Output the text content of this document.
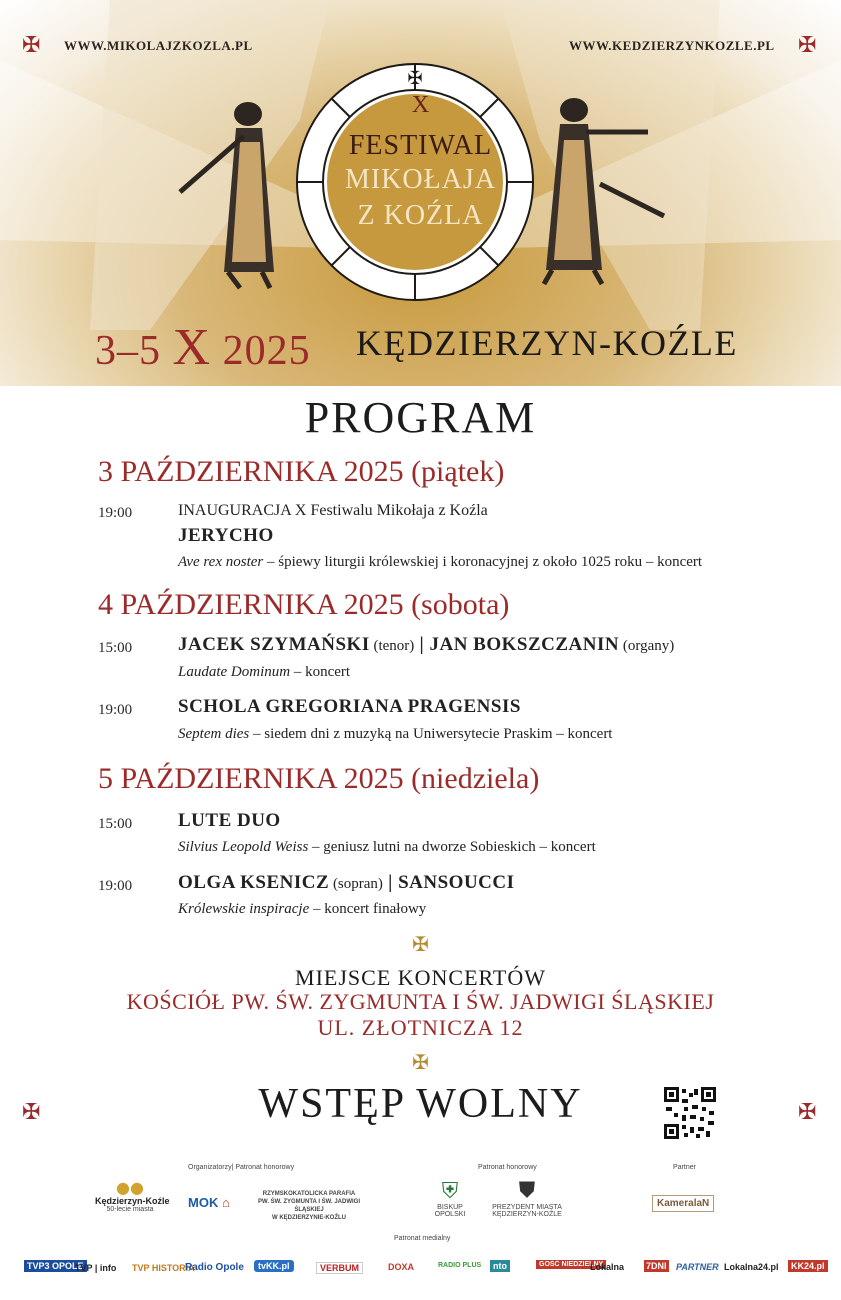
✠
X
FESTIWAL
MIKOŁAJA
Z KOŹLA
✠ WWW.MIKOLAJZKOZLA.PL	WWW.KEDZIERZYNKOZLE.PL ✠
3–5 X 2025 KĘDZIERZYN-KOŹLE
PROGRAM
3 PAŹDZIERNIKA 2025 (piątek)
19:00	INAUGURACJA X Festiwalu Mikołaja z Koźla
JERYCHO
Ave rex noster – śpiewy liturgii królewskiej i koronacyjnej z około 1025 roku – koncert
4 PAŹDZIERNIKA 2025 (sobota)
15:00 JACEK SZYMAŃSKI (tenor) | JAN BOKSZCZANIN (organy)
Laudate Dominum – koncert
19:00 SCHOLA GREGORIANA PRAGENSIS
Septem dies – siedem dni z muzyką na Uniwersytecie Praskim – koncert
5 PAŹDZIERNIKA 2025 (niedziela)
15:00 LUTE DUO
Silvius Leopold Weiss – geniusz lutni na dworze Sobieskich – koncert
19:00 OLGA KSENICZ (sopran) | SANSOUCCI
Królewskie inspiracje – koncert finałowy
✠
MIEJSCE KONCERTÓW
KOŚCIÓŁ PW. ŚW. ZYGMUNTA I ŚW. JADWIGI ŚLĄSKIEJ
UL. ZŁOTNICZA 12
✠
✠	WSTĘP WOLNY	✠
Organizatorzy| Patronat honorowy	Patronat honorowy	Partner
●●
Kędzierzyn-Koźle
50-lecie miasta	MOK ⌂
RZYMSKOKATOLICKA PARAFIA
PW. ŚW. ZYGMUNTA I ŚW. JADWIGI ŚLĄSKIEJ
W KĘDZIERZYNIE-KOŹLU
⛨
BISKUP
OPOLSKI
⛊
PREZYDENT MIASTA
KĘDZIERZYN-KOŹLE
KameralaN
Patronat medialny
TVP3 OPOLE
TVP | info TVP HISTORIA
Radio Opole	tvKK.pl	VERBUM	DOXA	RADIO PLUS	nto	GOŚĆ NIEDZIELNY
Lokalna 7DNI PARTNER Lokalna24.pl	KK24.pl
